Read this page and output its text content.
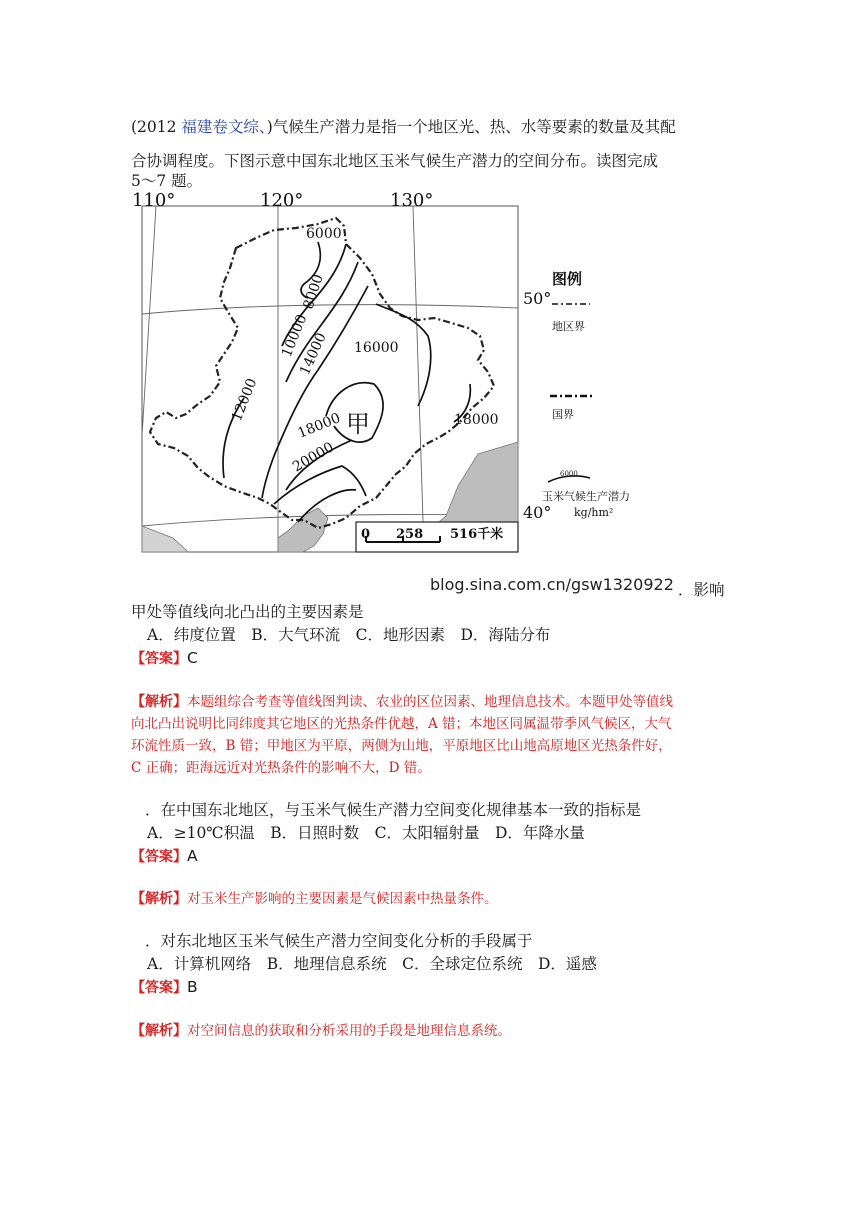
(2012 福建卷文综、)气候生产潜力是指一个地区光、热、水等要素的数量及其配
合协调程度。下图示意中国东北地区玉米气候生产潜力的空间分布。读图完成
5～7 题。
110°	120°	130°
50°
40°
6000
8000
10000
12000
14000 16000
18000
20000
18000
甲
0 258 516千米
图例
地区界
国界
6000
玉米气候生产潜力
kg/hm²
blog.sina.com.cn/gsw1320922 ．影响
甲处等值线向北凸出的主要因素是
A．纬度位置　B．大气环流　C．地形因素　D．海陆分布
【答案】C
【解析】本题组综合考查等值线图判读、农业的区位因素、地理信息技术。本题甲处等值线
向北凸出说明比同纬度其它地区的光热条件优越，A 错；本地区同属温带季风气候区，大气
环流性质一致，B 错；甲地区为平原，两侧为山地，平原地区比山地高原地区光热条件好，
C 正确；距海远近对光热条件的影响不大，D 错。
．在中国东北地区，与玉米气候生产潜力空间变化规律基本一致的指标是
A．≥10℃积温　B．日照时数　C．太阳辐射量　D．年降水量
【答案】A
【解析】对玉米生产影响的主要因素是气候因素中热量条件。
．对东北地区玉米气候生产潜力空间变化分析的手段属于
A．计算机网络　B．地理信息系统　C．全球定位系统　D．遥感
【答案】B
【解析】对空间信息的获取和分析采用的手段是地理信息系统。
